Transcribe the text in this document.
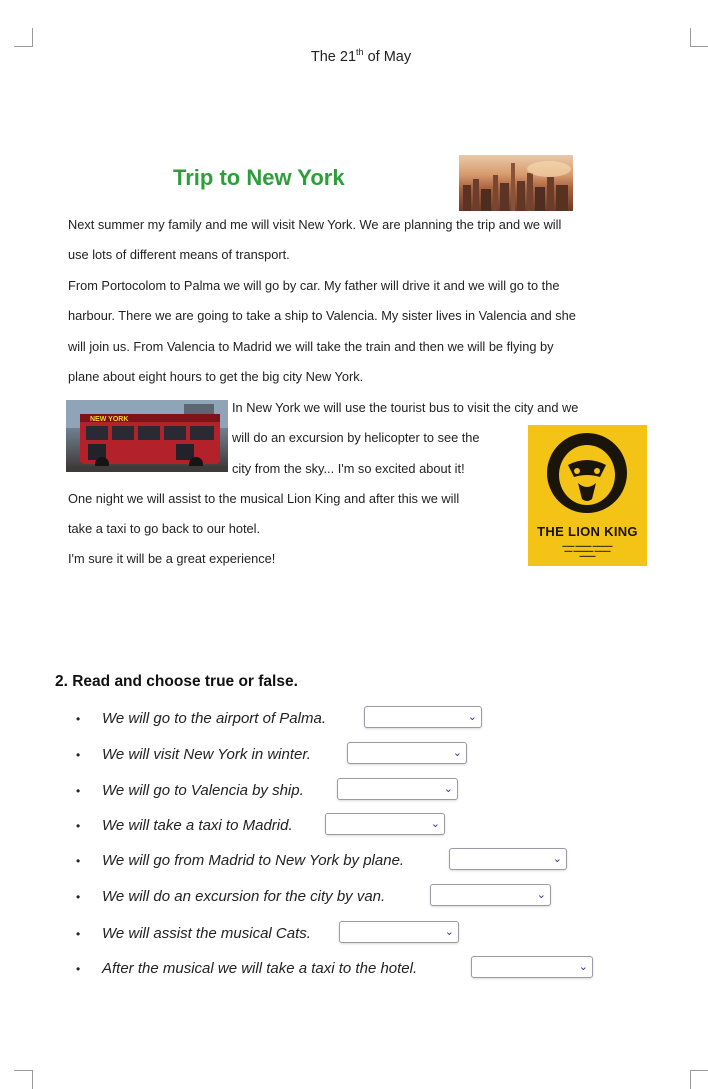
The 21th of May
Trip to New York
Next summer my family and me will visit New York. We are planning the trip and we will
use lots of different means of transport.
From Portocolom to Palma we will go by car. My father will drive it and we will go to the
harbour. There we are going to take a ship to Valencia. My sister lives in Valencia and she
will join us. From Valencia to Madrid we will take the train and then we will be flying by
plane about eight hours to get the big city New York.
NEW YORK
In New York we will use the tourist bus to visit the city and we
will do an excursion by helicopter to see the
city from the sky... I'm so excited about it!
THE LION KING
▬▬▬ ▬▬▬▬ ▬▬▬▬▬
▬▬ ▬▬▬▬▬ ▬▬▬▬
▬▬▬▬
One night we will assist to the musical Lion King and after this we will
take a taxi to go back to our hotel.
I'm sure it will be a great experience!
2. Read and choose true or false.
• We will go to the airport of Palma.	⌄
• We will visit New York in winter.	⌄
• We will go to Valencia by ship.	⌄
• We will take a taxi to Madrid.	⌄
• We will go from Madrid to New York by plane.	⌄
• We will do an excursion for the city by van.	⌄
• We will assist the musical Cats.	⌄
• After the musical we will take a taxi to the hotel.	⌄
